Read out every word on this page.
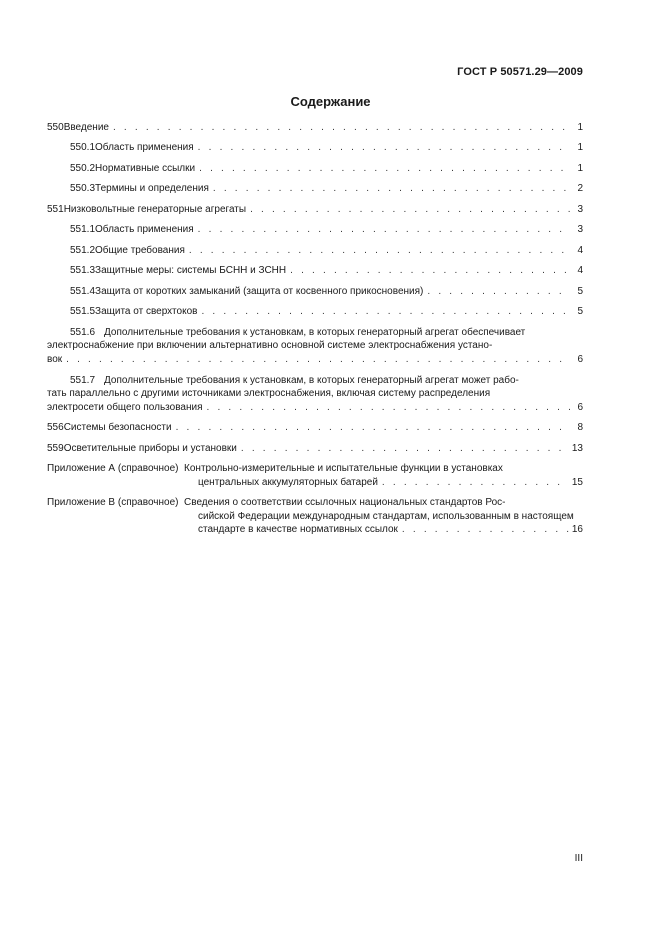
ГОСТ Р 50571.29—2009
Содержание
550 Введение . . .	1
550.1 Область применения . . .	1
550.2 Нормативные ссылки . . .	1
550.3 Термины и определения . . .	2
551 Низковольтные генераторные агрегаты . . .	3
551.1 Область применения . . .	3
551.2 Общие требования . . .	4
551.3 Защитные меры: системы БСНН и ЗСНН . . .	4
551.4 Защита от коротких замыканий (защита от косвенного прикосновения) . . .	5
551.5 Защита от сверхтоков . . .	5
551.6 Дополнительные требования к установкам, в которых генераторный агрегат обеспечивает
электроснабжение при включении альтернативно основной системе электроснабжения устано-
вок . . .	6
551.7 Дополнительные требования к установкам, в которых генераторный агрегат может рабо-
тать параллельно с другими источниками электроснабжения, включая систему распределения
электросети общего пользования . . .	6
556 Системы безопасности . . .	8
559 Осветительные приборы и установки . . .	13
Приложение А (справочное) Контрольно-измерительные и испытательные функции в установках
центральных аккумуляторных батарей . . .	15
Приложение В (справочное) Сведения о соответствии ссылочных национальных стандартов Рос-
сийской Федерации международным стандартам, использованным в настоящем
стандарте в качестве нормативных ссылок . . .	16
III
